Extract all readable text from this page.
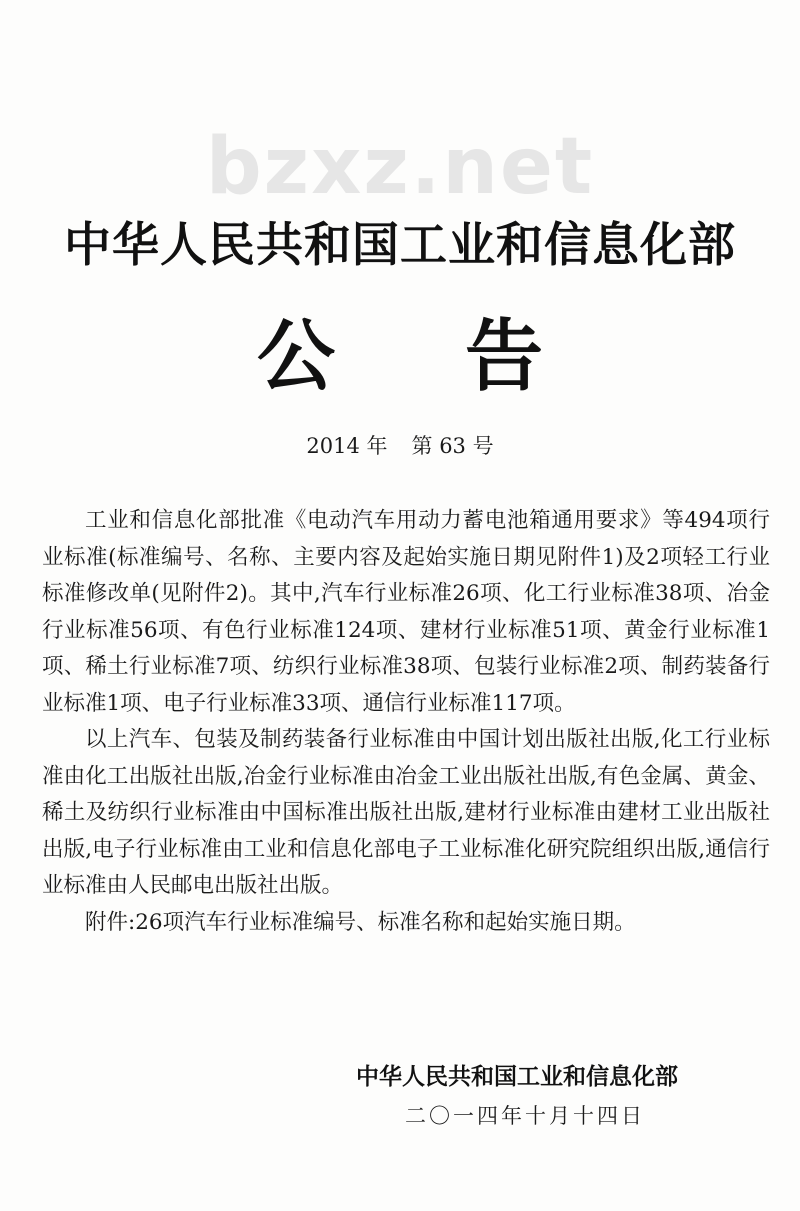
bzxz.net
中华人民共和国工业和信息化部
公 告
2014 年 第 63 号

工业和信息化部批准《电动汽车用动力蓄电池箱通用要求》等494项行业标准(标准编号、名称、主要内容及起始实施日期见附件1)及2项轻工行业标准修改单(见附件2)。其中,汽车行业标准26项、化工行业标准38项、冶金行业标准56项、有色行业标准124项、建材行业标准51项、黄金行业标准1项、稀土行业标准7项、纺织行业标准38项、包装行业标准2项、制药装备行业标准1项、电子行业标准33项、通信行业标准117项。

以上汽车、包装及制药装备行业标准由中国计划出版社出版,化工行业标准由化工出版社出版,冶金行业标准由冶金工业出版社出版,有色金属、黄金、稀土及纺织行业标准由中国标准出版社出版,建材行业标准由建材工业出版社出版,电子行业标准由工业和信息化部电子工业标准化研究院组织出版,通信行业标准由人民邮电出版社出版。

附件:26项汽车行业标准编号、标准名称和起始实施日期。

中华人民共和国工业和信息化部
二〇一四年十月十四日
